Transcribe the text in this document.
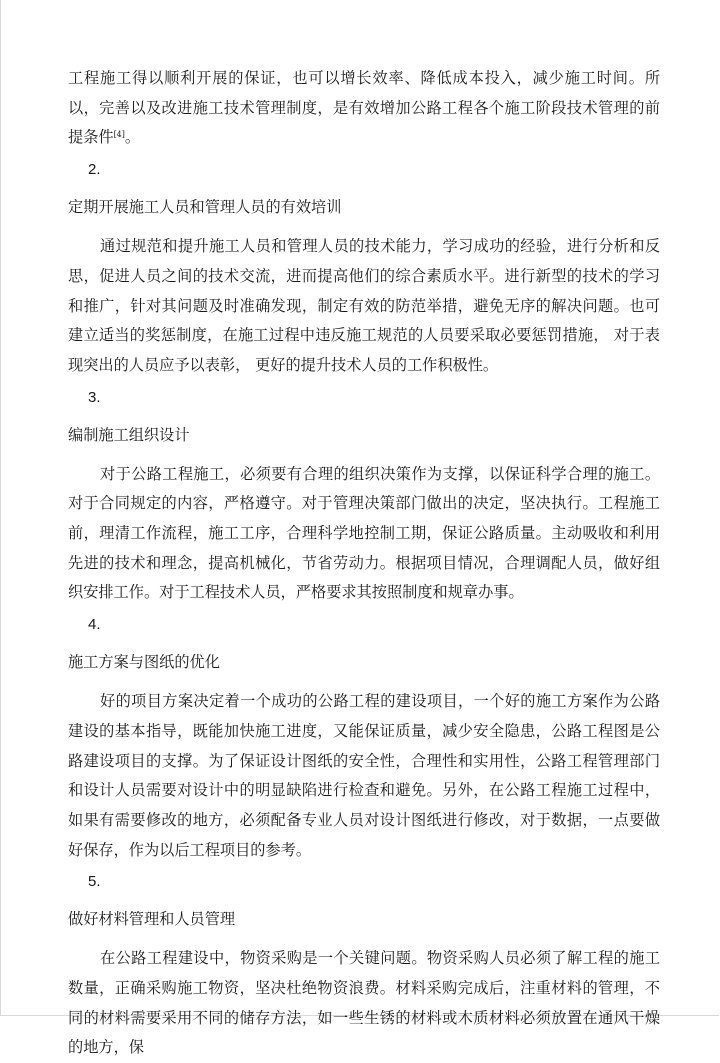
工程施工得以顺利开展的保证，也可以增长效率、降低成本投入，减少施工时间。所以，完善以及改进施工技术管理制度，是有效增加公路工程各个施工阶段技术管理的前提条件[4]。

2.
定期开展施工人员和管理人员的有效培训

通过规范和提升施工人员和管理人员的技术能力，学习成功的经验，进行分析和反思，促进人员之间的技术交流，进而提高他们的综合素质水平。进行新型的技术的学习和推广，针对其问题及时准确发现，制定有效的防范举措，避免无序的解决问题。也可建立适当的奖惩制度，在施工过程中违反施工规范的人员要采取必要惩罚措施， 对于表现突出的人员应予以表彰， 更好的提升技术人员的工作积极性。

3.
编制施工组织设计

对于公路工程施工，必须要有合理的组织决策作为支撑，以保证科学合理的施工。对于合同规定的内容，严格遵守。对于管理决策部门做出的决定，坚决执行。工程施工前，理清工作流程，施工工序，合理科学地控制工期，保证公路质量。主动吸收和利用先进的技术和理念，提高机械化，节省劳动力。根据项目情况，合理调配人员，做好组织安排工作。对于工程技术人员，严格要求其按照制度和规章办事。

4.
施工方案与图纸的优化

好的项目方案决定着一个成功的公路工程的建设项目，一个好的施工方案作为公路建设的基本指导，既能加快施工进度，又能保证质量，减少安全隐患，公路工程图是公路建设项目的支撑。为了保证设计图纸的安全性，合理性和实用性，公路工程管理部门和设计人员需要对设计中的明显缺陷进行检查和避免。另外，在公路工程施工过程中，如果有需要修改的地方，必须配备专业人员对设计图纸进行修改，对于数据，一点要做好保存，作为以后工程项目的参考。

5.
做好材料管理和人员管理

在公路工程建设中，物资采购是一个关键问题。物资采购人员必须了解工程的施工数量，正确采购施工物资，坚决杜绝物资浪费。材料采购完成后，注重材料的管理，不同的材料需要采用不同的储存方法，如一些生锈的材料或木质材料必须放置在通风干燥的地方，保
